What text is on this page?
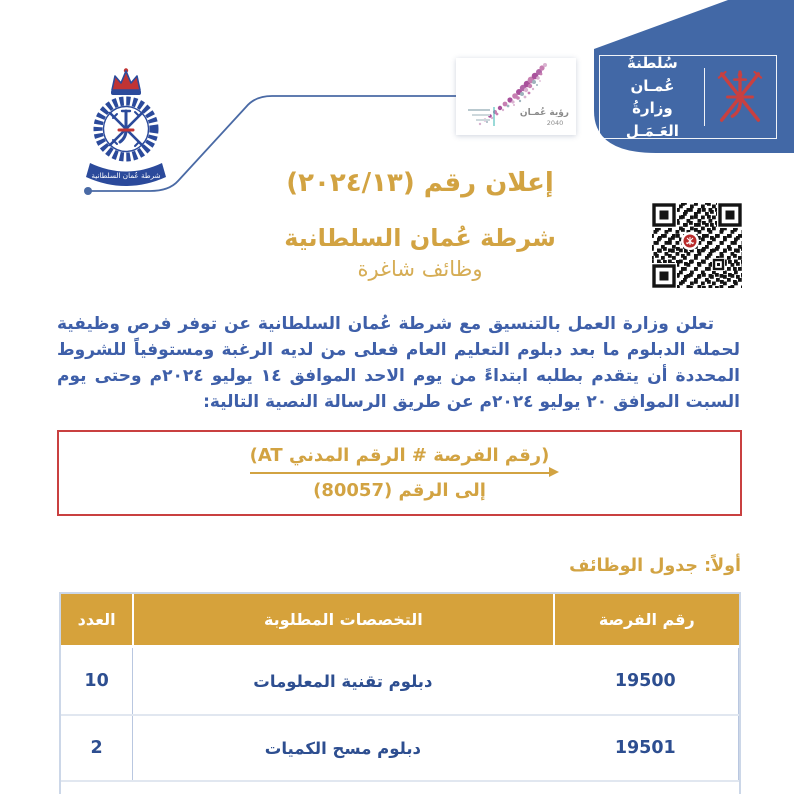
سُلطنةُ عُمـان
وزارةُ العَـمَـل
رؤية عُمـان
2040
شرطة عُمان السلطانية	إعلان رقم (٢٠٢٤/١٣)
شرطة عُمان السلطانية
وظائف شاغرة

تعلن وزارة العمل بالتنسيق مع شرطة عُمان السلطانية عن توفر فرص وظيفية لحملة الدبلوم ما بعد دبلوم التعليم العام فعلى من لديه الرغبة ومستوفياً للشروط المحددة أن يتقدم بطلبه ابتداءً من يوم الاحد الموافق ١٤ يوليو ٢٠٢٤م وحتى يوم السبت الموافق ٢٠ يوليو ٢٠٢٤م عن طريق الرسالة النصية التالية:

(رقم الفرصة # الرقم المدني AT)
إلى الرقم (80057)
أولاً: جدول الوظائف
رقم الفرصة
التخصصات المطلوبة
العدد
19500
دبلوم تقنية المعلومات
10
19501
دبلوم مسح الكميات
2
